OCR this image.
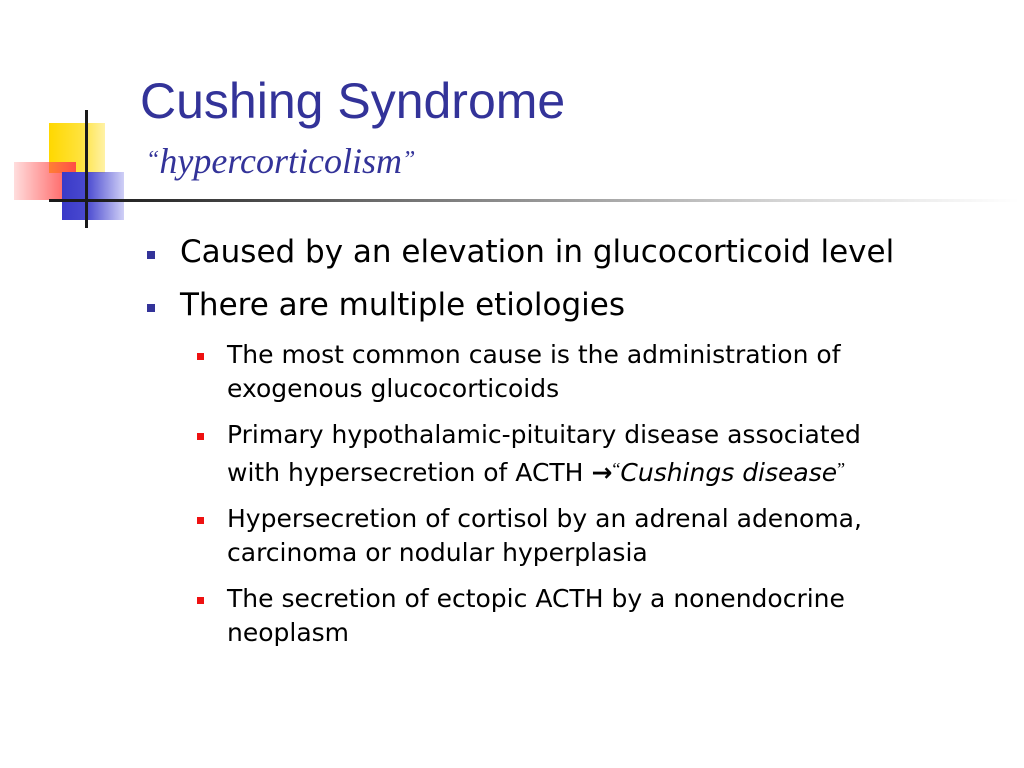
Cushing Syndrome
“hypercorticolism”
Caused by an elevation in glucocorticoid level
There are multiple etiologies
The most common cause is the administration of
exogenous glucocorticoids
Primary hypothalamic-pituitary disease associated
with hypersecretion of ACTH →“Cushings disease”
Hypersecretion of cortisol by an adrenal adenoma,
carcinoma or nodular hyperplasia
The secretion of ectopic ACTH by a nonendocrine
neoplasm
